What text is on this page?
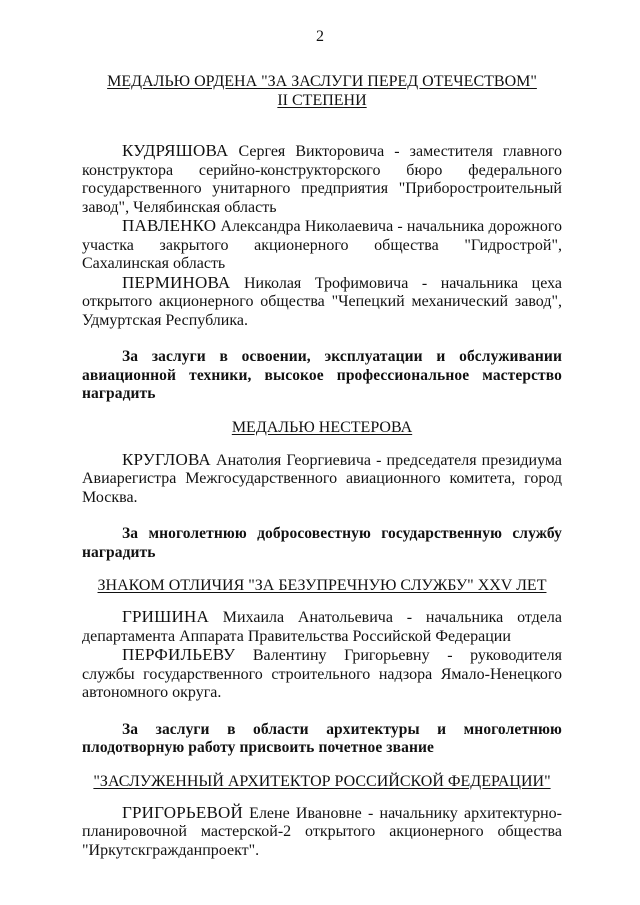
2
МЕДАЛЬЮ ОРДЕНА "ЗА ЗАСЛУГИ ПЕРЕД ОТЕЧЕСТВОМ"
II СТЕПЕНИ

КУДРЯШОВА Сергея Викторовича - заместителя главного конструктора серийно-конструкторского бюро федерального государственного унитарного предприятия "Приборостроительный завод", Челябинская область

ПАВЛЕНКО Александра Николаевича - начальника дорожного участка закрытого акционерного общества "Гидрострой", Сахалинская область

ПЕРМИНОВА Николая Трофимовича - начальника цеха открытого акционерного общества "Чепецкий механический завод", Удмуртская Республика.

За заслуги в освоении, эксплуатации и обслуживании авиационной техники, высокое профессиональное мастерство наградить

МЕДАЛЬЮ НЕСТЕРОВА

КРУГЛОВА Анатолия Георгиевича - председателя президиума Авиарегистра Межгосударственного авиационного комитета, город Москва.

За многолетнюю добросовестную государственную службу наградить

ЗНАКОМ ОТЛИЧИЯ "ЗА БЕЗУПРЕЧНУЮ СЛУЖБУ" XXV ЛЕТ

ГРИШИНА Михаила Анатольевича - начальника отдела департамента Аппарата Правительства Российской Федерации

ПЕРФИЛЬЕВУ Валентину Григорьевну - руководителя службы государственного строительного надзора Ямало-Ненецкого автономного округа.

За заслуги в области архитектуры и многолетнюю плодотворную работу присвоить почетное звание

"ЗАСЛУЖЕННЫЙ АРХИТЕКТОР РОССИЙСКОЙ ФЕДЕРАЦИИ"

ГРИГОРЬЕВОЙ Елене Ивановне - начальнику архитектурно-планировочной мастерской-2 открытого акционерного общества "Иркутскгражданпроект".
